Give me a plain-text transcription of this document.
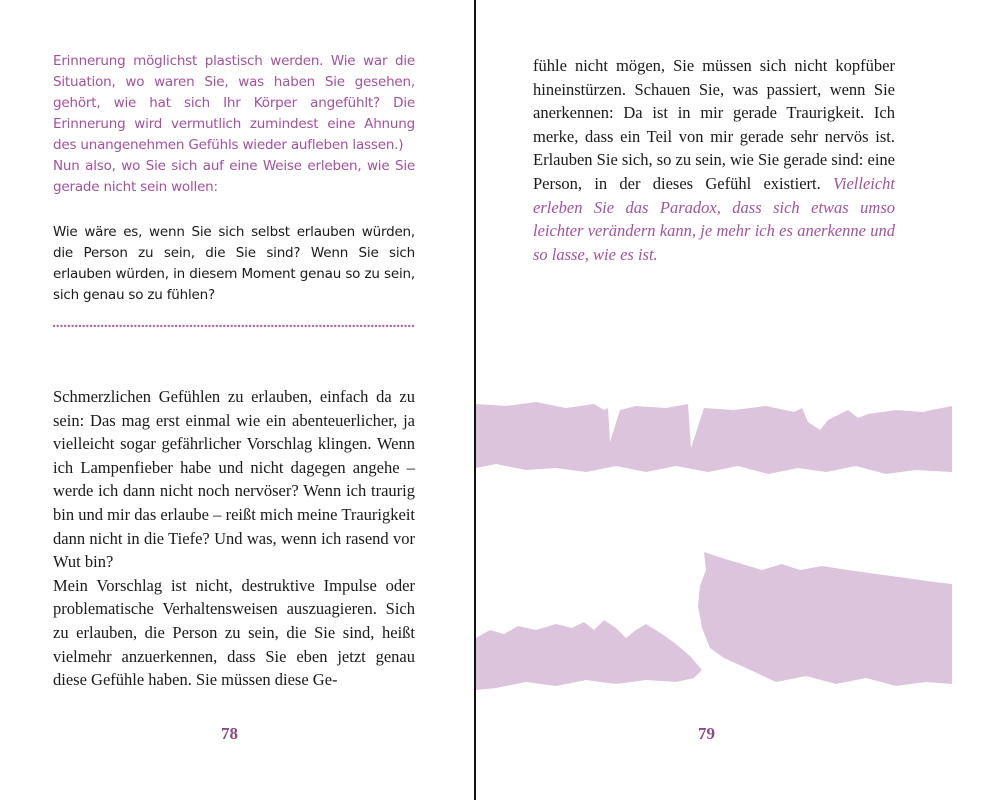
Erinnerung möglichst plastisch werden. Wie war die Situation, wo waren Sie, was haben Sie gesehen, gehört, wie hat sich Ihr Körper angefühlt? Die Erinnerung wird vermutlich zumindest eine Ahnung des unangenehmen Gefühls wieder aufleben lassen.)

Nun also, wo Sie sich auf eine Weise erleben, wie Sie gerade nicht sein wollen:

Wie wäre es, wenn Sie sich selbst erlauben würden, die Person zu sein, die Sie sind? Wenn Sie sich erlauben würden, in diesem Moment genau so zu sein, sich genau so zu fühlen?

Schmerzlichen Gefühlen zu erlauben, einfach da zu sein: Das mag erst einmal wie ein abenteuerlicher, ja vielleicht sogar gefährlicher Vorschlag klingen. Wenn ich Lampenfieber habe und nicht dagegen angehe – werde ich dann nicht noch nervöser? Wenn ich traurig bin und mir das erlaube – reißt mich meine Traurigkeit dann nicht in die Tiefe? Und was, wenn ich rasend vor Wut bin?

Mein Vorschlag ist nicht, destruktive Impulse oder problematische Verhaltensweisen auszuagieren. Sich zu erlauben, die Person zu sein, die Sie sind, heißt vielmehr anzuerkennen, dass Sie eben jetzt genau diese Gefühle haben. Sie müssen diese Ge-

78

fühle nicht mögen, Sie müssen sich nicht kopfüber hineinstürzen. Schauen Sie, was passiert, wenn Sie anerkennen: Da ist in mir gerade Traurigkeit. Ich merke, dass ein Teil von mir gerade sehr nervös ist. Erlauben Sie sich, so zu sein, wie Sie gerade sind: eine Person, in der dieses Gefühl existiert. Vielleicht erleben Sie das Paradox, dass sich etwas umso leichter verändern kann, je mehr ich es anerkenne und so lasse, wie es ist.

79
